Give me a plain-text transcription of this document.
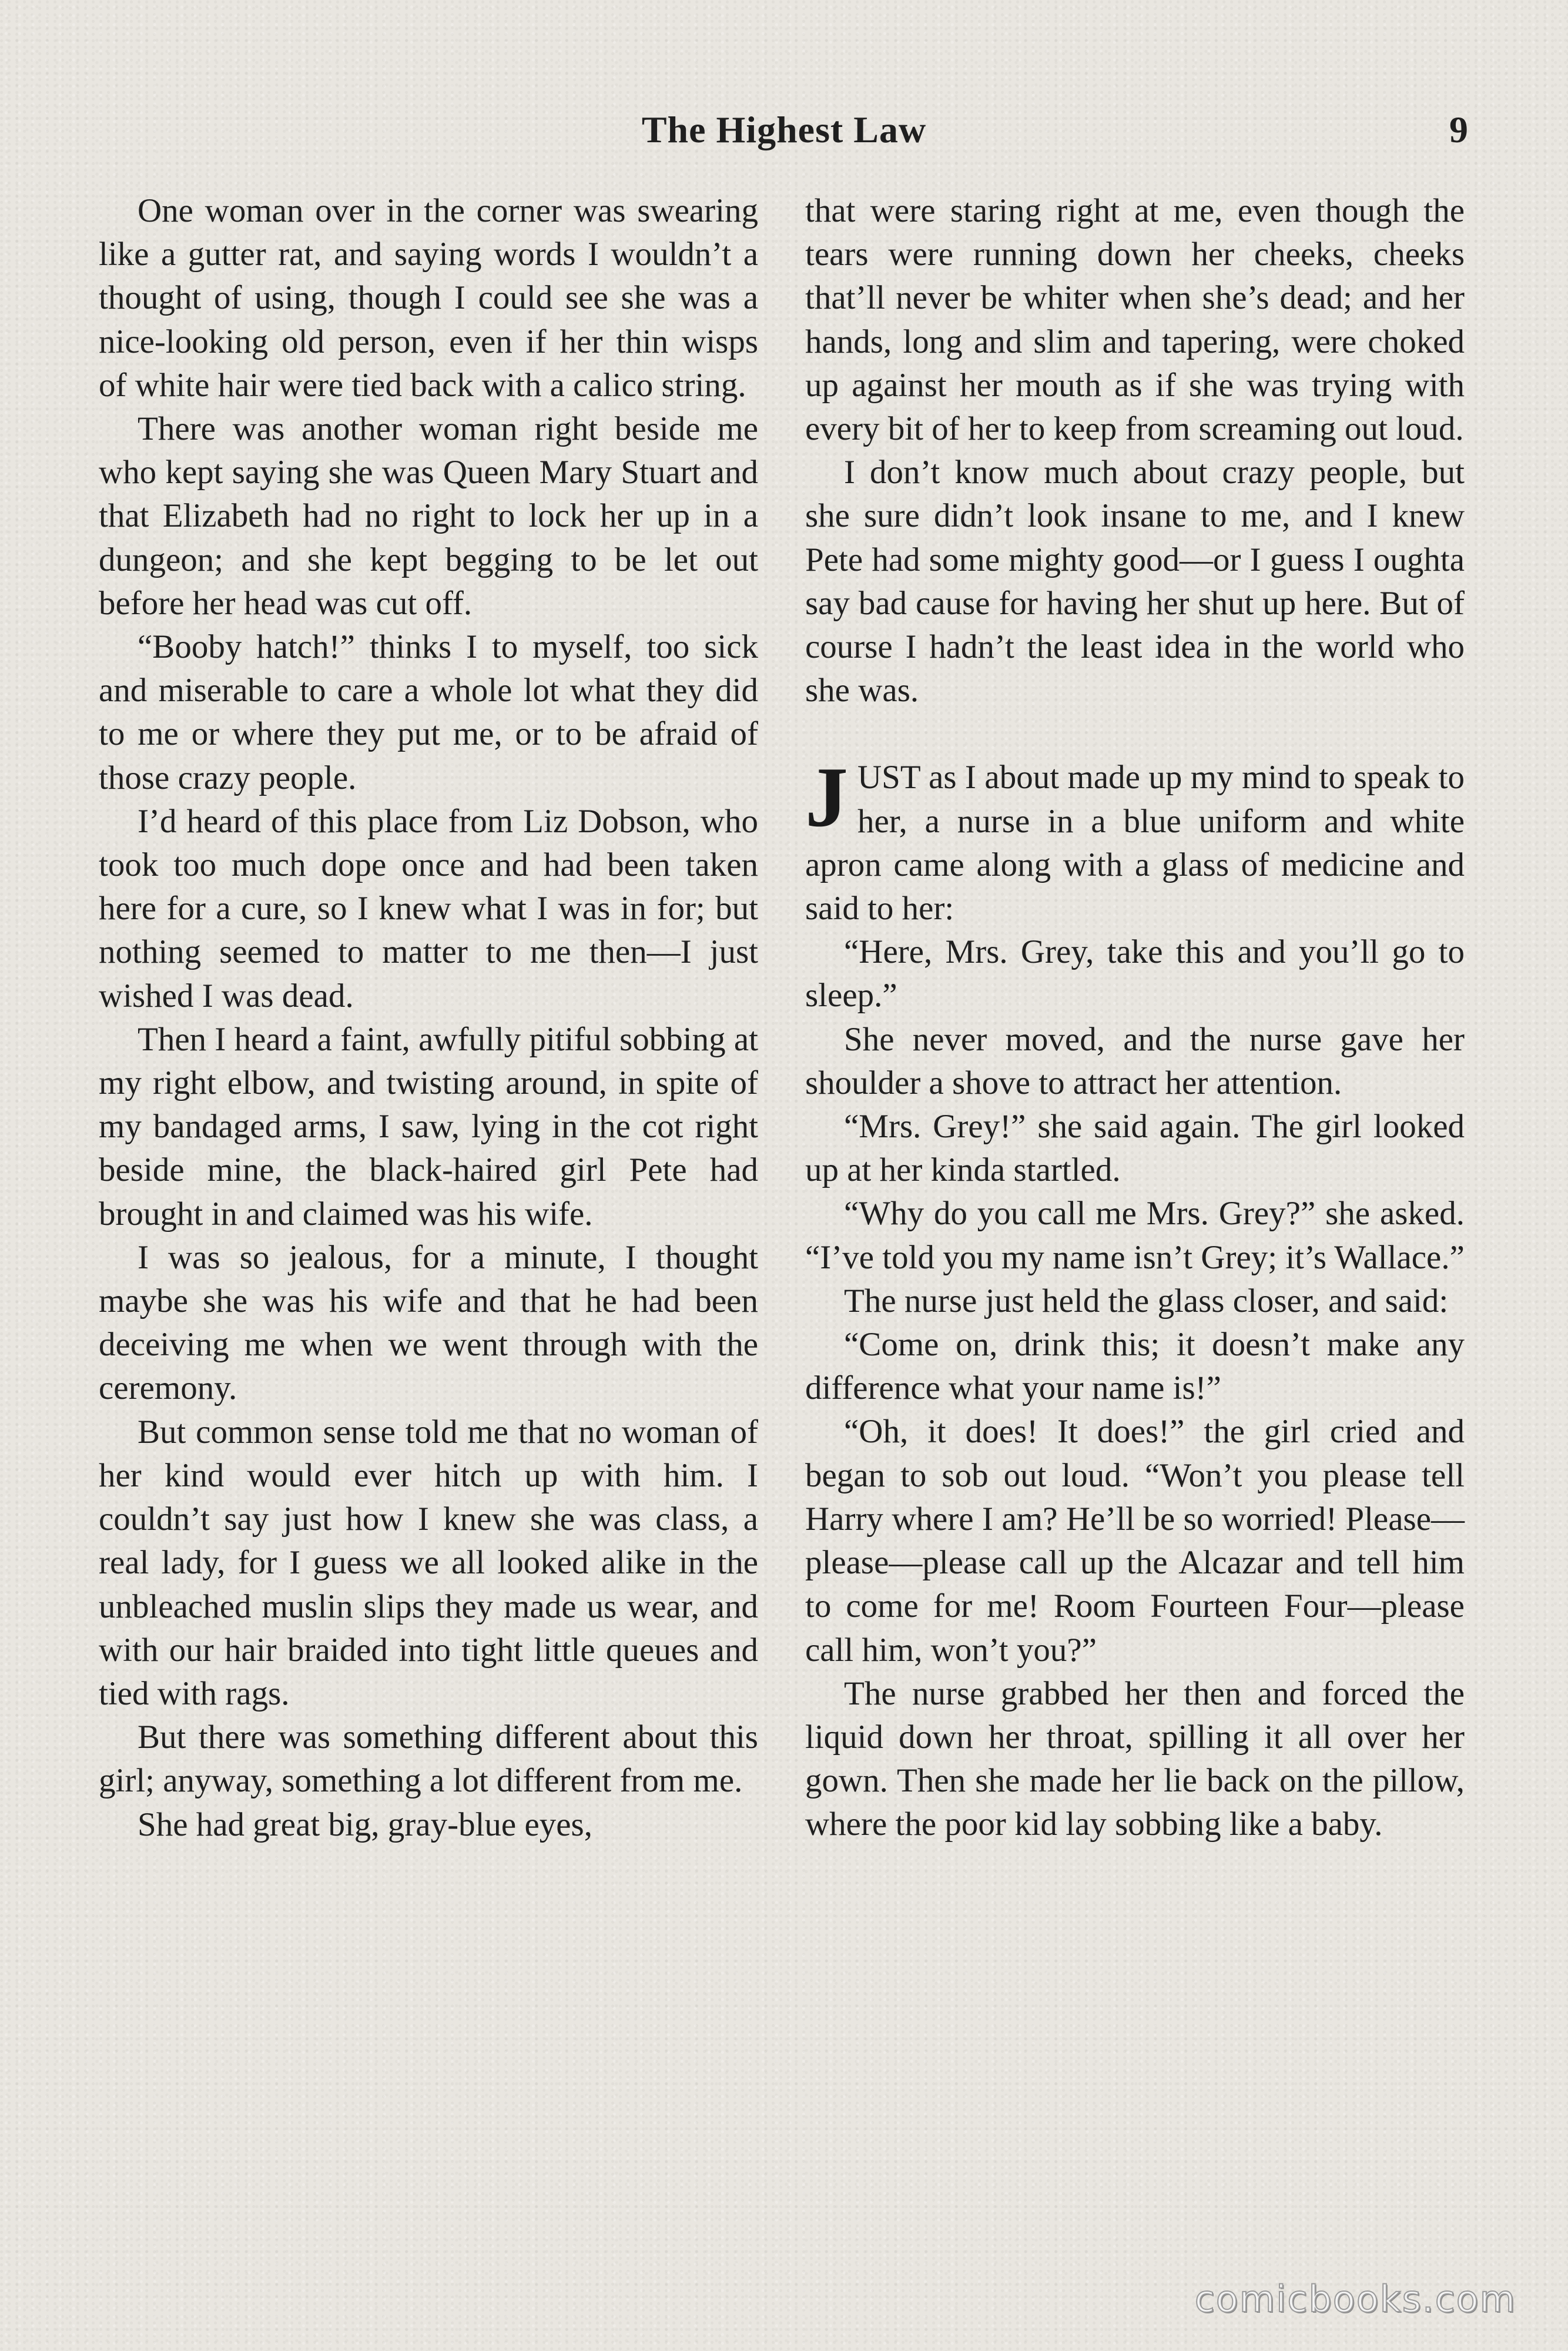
The Highest Law	9

One woman over in the corner was swearing like a gutter rat, and saying words I wouldn’t a thought of using, though I could see she was a nice-looking old person, even if her thin wisps of white hair were tied back with a calico string.

There was another woman right beside me who kept saying she was Queen Mary Stuart and that Elizabeth had no right to lock her up in a dungeon; and she kept begging to be let out before her head was cut off.

“Booby hatch!” thinks I to myself, too sick and miserable to care a whole lot what they did to me or where they put me, or to be afraid of those crazy people.

I’d heard of this place from Liz Dobson, who took too much dope once and had been taken here for a cure, so I knew what I was in for; but nothing seemed to matter to me then—I just wished I was dead.

Then I heard a faint, awfully pitiful sobbing at my right elbow, and twisting around, in spite of my bandaged arms, I saw, lying in the cot right beside mine, the black-haired girl Pete had brought in and claimed was his wife.

I was so jealous, for a minute, I thought maybe she was his wife and that he had been deceiving me when we went through with the ceremony.

But common sense told me that no woman of her kind would ever hitch up with him. I couldn’t say just how I knew she was class, a real lady, for I guess we all looked alike in the unbleached muslin slips they made us wear, and with our hair braided into tight little queues and tied with rags.

But there was something different about this girl; anyway, something a lot different from me.

She had great big, gray-blue eyes,

that were staring right at me, even though the tears were running down her cheeks, cheeks that’ll never be whiter when she’s dead; and her hands, long and slim and tapering, were choked up against her mouth as if she was trying with every bit of her to keep from screaming out loud.

I don’t know much about crazy people, but she sure didn’t look insane to me, and I knew Pete had some mighty good—or I guess I oughta say bad cause for having her shut up here. But of course I hadn’t the least idea in the world who she was.

JUST as I about made up my mind to speak to her, a nurse in a blue uniform and white apron came along with a glass of medicine and said to her:

“Here, Mrs. Grey, take this and you’ll go to sleep.”

She never moved, and the nurse gave her shoulder a shove to attract her attention.

“Mrs. Grey!” she said again. The girl looked up at her kinda startled.

“Why do you call me Mrs. Grey?” she asked. “I’ve told you my name isn’t Grey; it’s Wallace.”

The nurse just held the glass closer, and said:

“Come on, drink this; it doesn’t make any difference what your name is!”

“Oh, it does! It does!” the girl cried and began to sob out loud. “Won’t you please tell Harry where I am? He’ll be so worried! Please—please—please call up the Alcazar and tell him to come for me! Room Fourteen Four—please call him, won’t you?”

The nurse grabbed her then and forced the liquid down her throat, spilling it all over her gown. Then she made her lie back on the pillow, where the poor kid lay sobbing like a baby.

comicbooks.com
